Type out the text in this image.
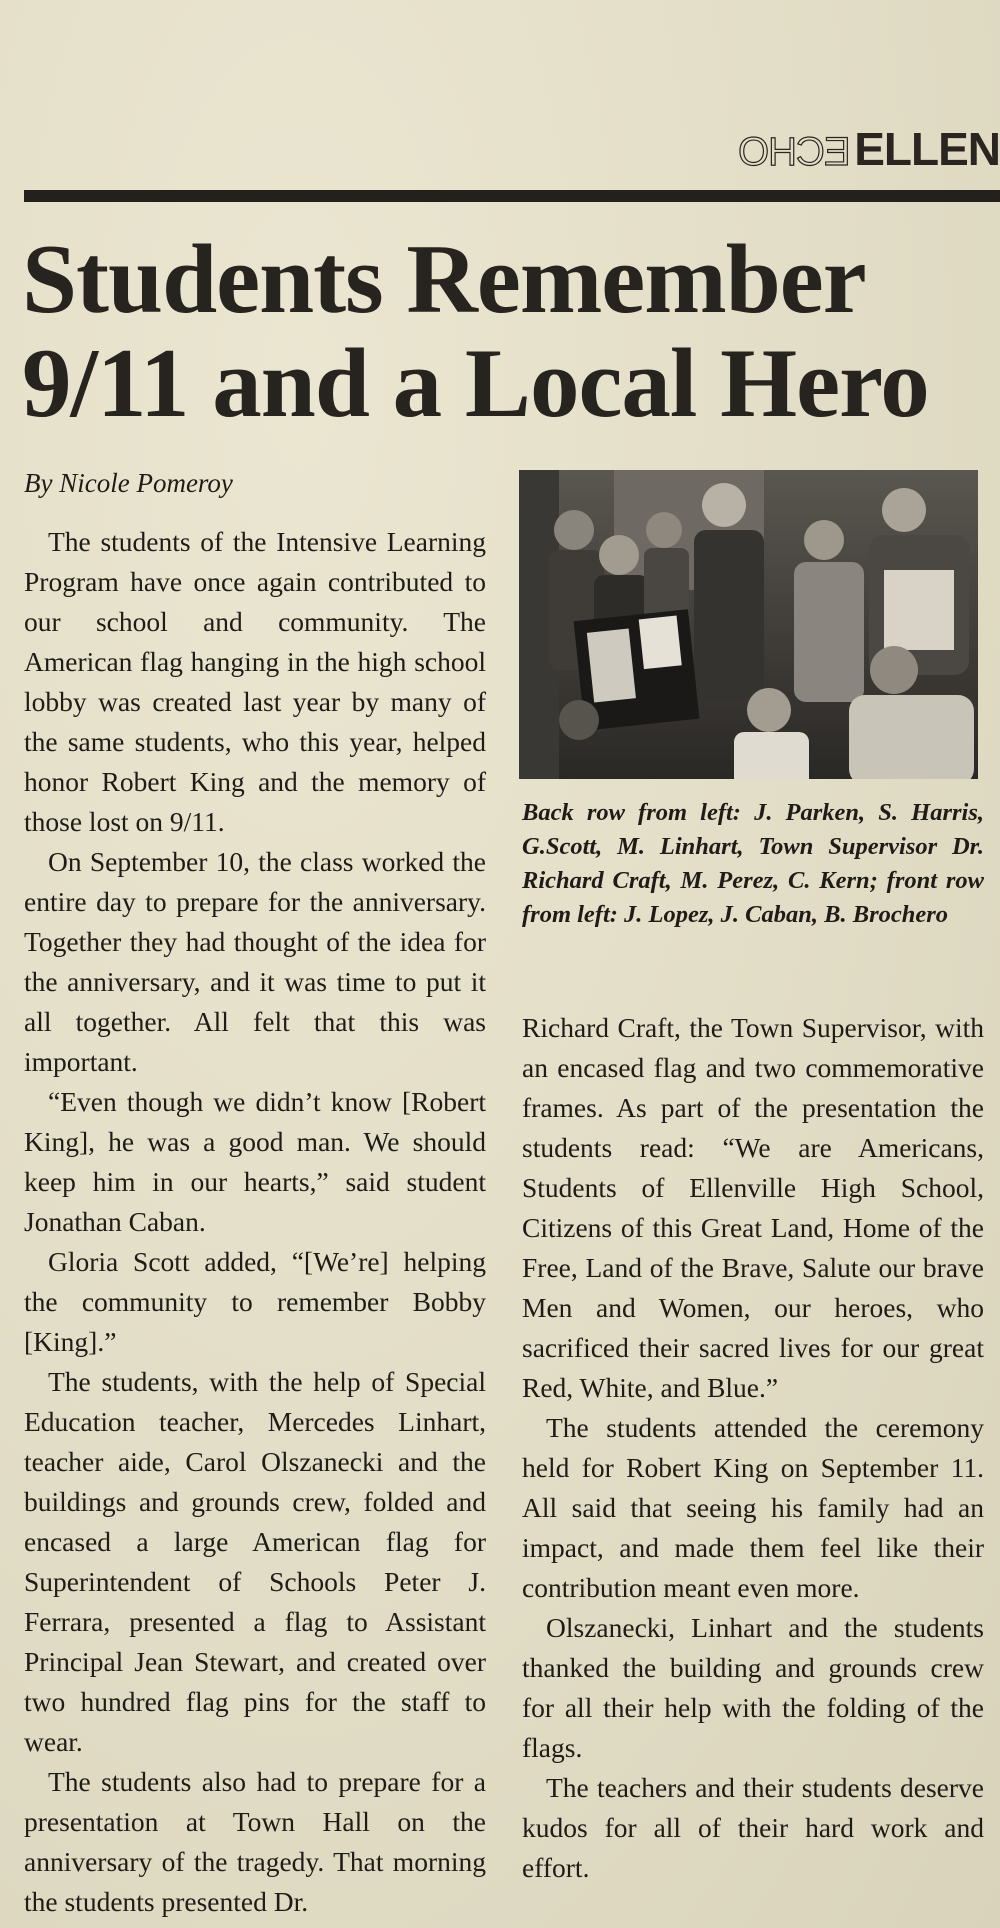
ECHOELLEN
Students Remember 9/11 and a Local Hero
By Nicole Pomeroy

The students of the Intensive Learning Program have once again contributed to our school and community. The American flag hanging in the high school lobby was created last year by many of the same students, who this year, helped honor Robert King and the memory of those lost on 9/11.

On September 10, the class worked the entire day to prepare for the anniversary. Together they had thought of the idea for the anniversary, and it was time to put it all together. All felt that this was important.

“Even though we didn’t know [Robert King], he was a good man. We should keep him in our hearts,” said student Jonathan Caban.

Gloria Scott added, “[We’re] helping the community to remember Bobby [King].”

The students, with the help of Special Education teacher, Mercedes Linhart, teacher aide, Carol Olszanecki and the buildings and grounds crew, folded and encased a large American flag for Superintendent of Schools Peter J. Ferrara, presented a flag to Assistant Principal Jean Stewart, and created over two hundred flag pins for the staff to wear.

The students also had to prepare for a presentation at Town Hall on the anniversary of the tragedy. That morning the students presented Dr.

Back row from left: J. Parken, S. Harris, G.Scott, M. Linhart, Town Supervisor Dr. Richard Craft, M. Perez, C. Kern; front row from left: J. Lopez, J. Caban, B. Brochero

Richard Craft, the Town Supervisor, with an encased flag and two commemorative frames. As part of the presentation the students read: “We are Americans, Students of Ellenville High School, Citizens of this Great Land, Home of the Free, Land of the Brave, Salute our brave Men and Women, our heroes, who sacrificed their sacred lives for our great Red, White, and Blue.”

The students attended the ceremony held for Robert King on September 11. All said that seeing his family had an impact, and made them feel like their contribution meant even more.

Olszanecki, Linhart and the students thanked the building and grounds crew for all their help with the folding of the flags.

The teachers and their students deserve kudos for all of their hard work and effort.
